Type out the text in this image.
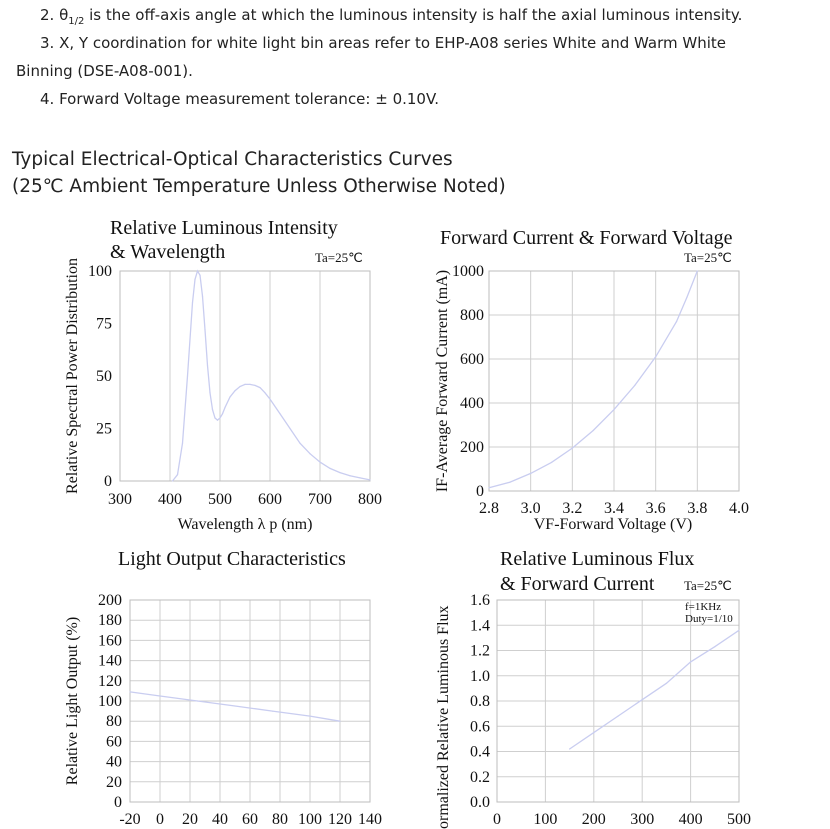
2. $\theta_{1/2}$ is the off-axis angle at which the luminous intensity is half the axial luminous intensity.
3. X, Y coordination for white light bin areas refer to EHP-A08 series White and Warm White
Binning (DSE-A08-001).
4. Forward Voltage measurement tolerance: ± 0.10V.
Typical Electrical-Optical Characteristics Curves
(25℃ Ambient Temperature Unless Otherwise Noted)
0
25
50
75
100
300 400 500 600 700 800
Relative Luminous Intensity
& Wavelength	Ta=25℃
Wavelength λ p (nm)
Relative Spectral Power Distribution	0
200
400
600
800
1000
2.8 3.0 3.2 3.4 3.6 3.8 4.0
Forward Current & Forward Voltage
Ta=25℃
VF-Forward Voltage (V)
IF-Average Forward Current (mA)
0
20
40
60
80
100
120
140
160
180
200
-20 0 20 40 60 80 100 120 140
Light Output Characteristics
Relative Light Output (%)
0.0
0.2
0.4
0.6
0.8
1.0
1.2
1.4
1.6
0 100 200 300 400 500
Relative Luminous Flux
& Forward Current Ta=25℃
f=1KHz
Duty=1/10
ormalized Relative Luminous Flux
